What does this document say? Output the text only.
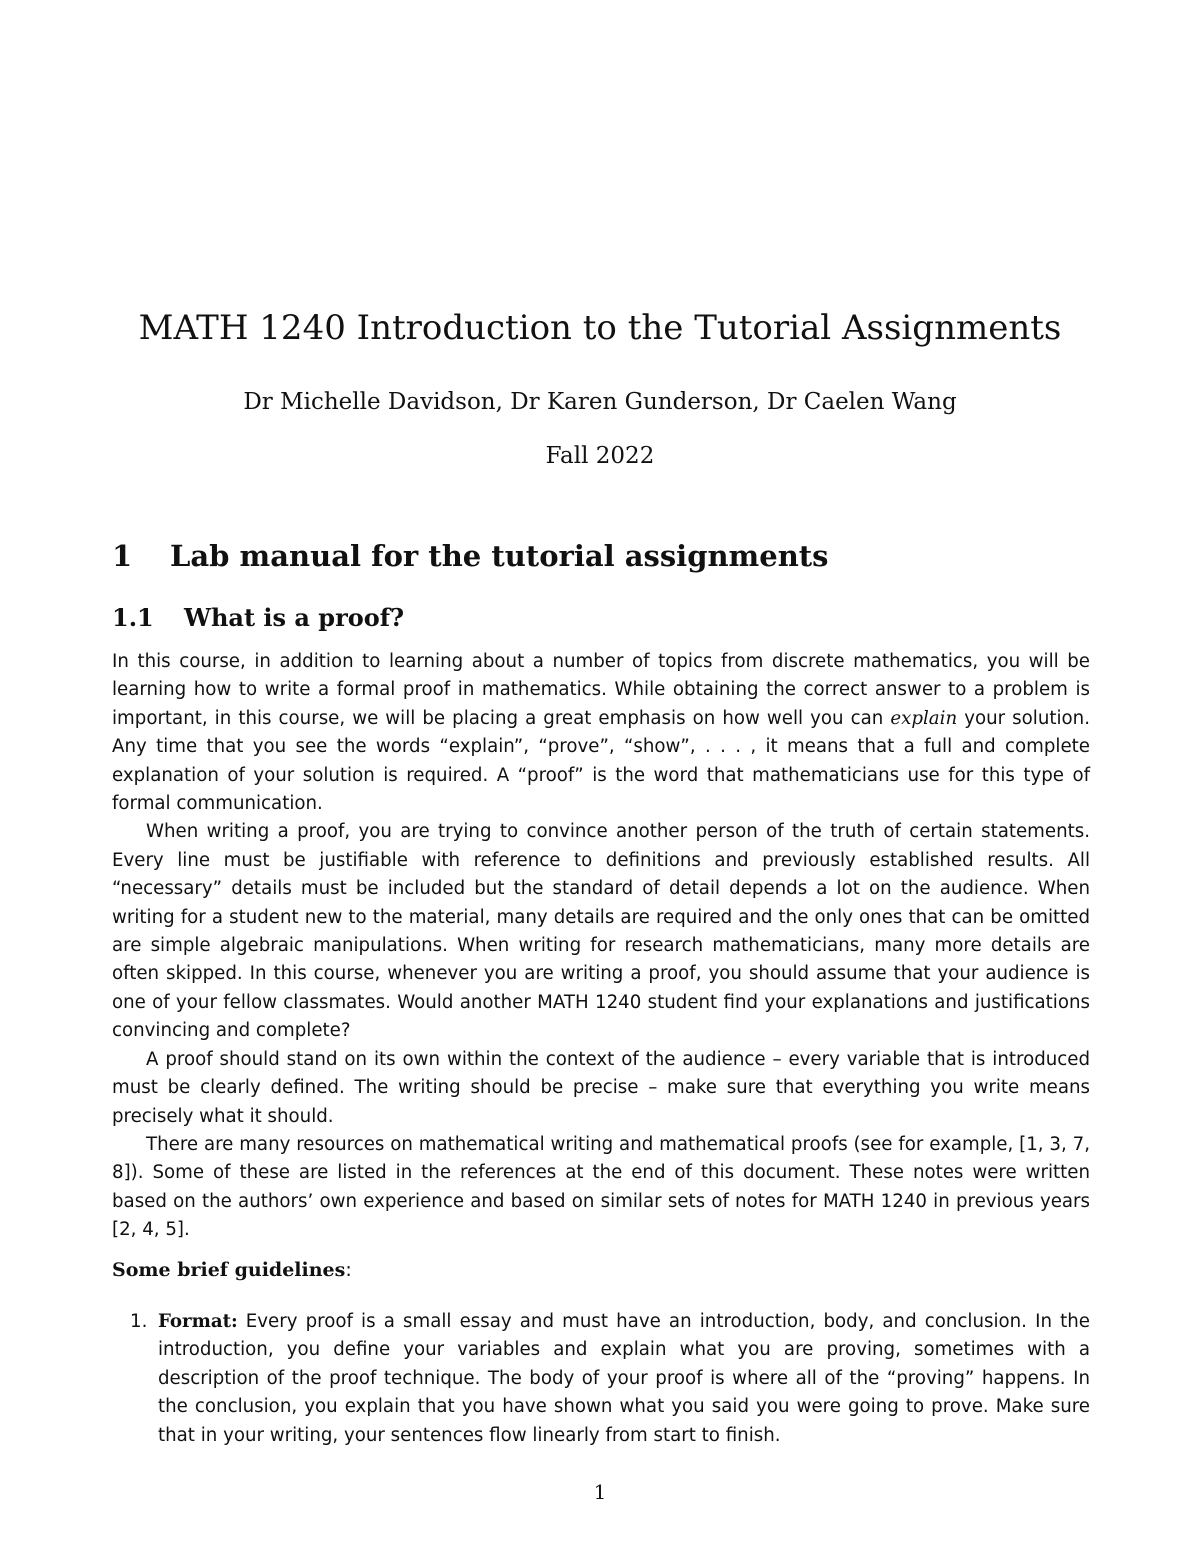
MATH 1240 Introduction to the Tutorial Assignments
Dr Michelle Davidson, Dr Karen Gunderson, Dr Caelen Wang
Fall 2022
1 Lab manual for the tutorial assignments
1.1 What is a proof?

In this course, in addition to learning about a number of topics from discrete mathematics, you will be learning how to write a formal proof in mathematics. While obtaining the correct answer to a problem is important, in this course, we will be placing a great emphasis on how well you can explain your solution. Any time that you see the words “explain”, “prove”, “show”, . . . , it means that a full and complete explanation of your solution is required. A “proof” is the word that mathematicians use for this type of formal communication.

When writing a proof, you are trying to convince another person of the truth of certain statements. Every line must be justifiable with reference to definitions and previously established results. All “necessary” details must be included but the standard of detail depends a lot on the audience. When writing for a student new to the material, many details are required and the only ones that can be omitted are simple algebraic manipulations. When writing for research mathematicians, many more details are often skipped. In this course, whenever you are writing a proof, you should assume that your audience is one of your fellow classmates. Would another MATH 1240 student find your explanations and justifications convincing and complete?

A proof should stand on its own within the context of the audience – every variable that is introduced must be clearly defined. The writing should be precise – make sure that everything you write means precisely what it should.

There are many resources on mathematical writing and mathematical proofs (see for example, [1, 3, 7, 8]). Some of these are listed in the references at the end of this document. These notes were written based on the authors’ own experience and based on similar sets of notes for MATH 1240 in previous years [2, 4, 5].

Some brief guidelines:
1. Format: Every proof is a small essay and must have an introduction, body, and conclusion. In the introduction, you define your variables and explain what you are proving, sometimes with a description of the proof technique. The body of your proof is where all of the “proving” happens. In the conclusion, you explain that you have shown what you said you were going to prove. Make sure that in your writing, your sentences flow linearly from start to finish.
1
